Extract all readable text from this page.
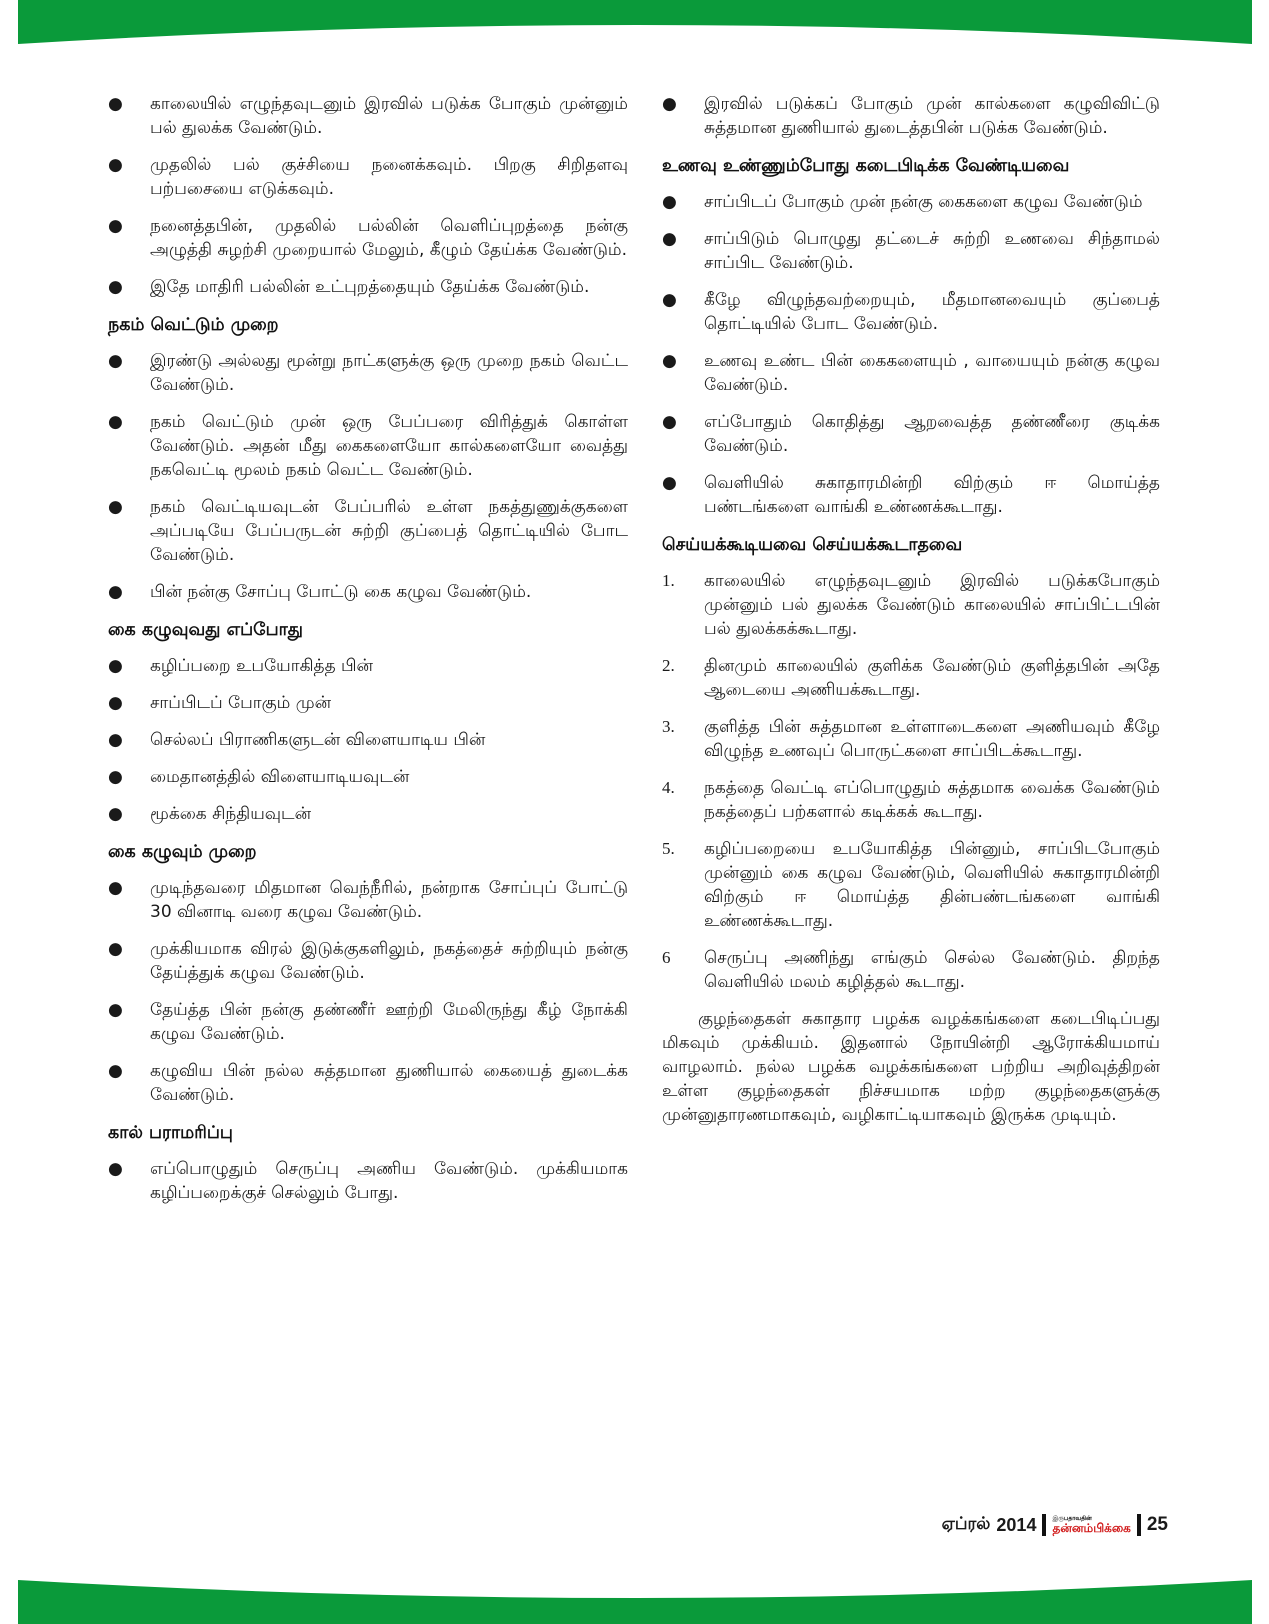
● காலையில் எழுந்தவுடனும் இரவில் படுக்க போகும் முன்னும் பல் துலக்க வேண்டும்.
● முதலில் பல் குச்சியை நனைக்கவும். பிறகு சிறிதளவு பற்பசையை எடுக்கவும்.
● நனைத்தபின், முதலில் பல்லின் வெளிப்புறத்தை நன்கு அழுத்தி சுழற்சி முறையால் மேலும், கீழும் தேய்க்க வேண்டும்.
● இதே மாதிரி பல்லின் உட்புறத்தையும் தேய்க்க வேண்டும்.
நகம் வெட்டும் முறை
● இரண்டு அல்லது மூன்று நாட்களுக்கு ஒரு முறை நகம் வெட்ட வேண்டும்.
● நகம் வெட்டும் முன் ஒரு பேப்பரை விரித்துக் கொள்ள வேண்டும். அதன் மீது கைகளையோ கால்களையோ வைத்து நகவெட்டி மூலம் நகம் வெட்ட வேண்டும்.
● நகம் வெட்டியவுடன் பேப்பரில் உள்ள நகத்துணுக்குகளை அப்படியே பேப்பருடன் சுற்றி குப்பைத் தொட்டியில் போட வேண்டும்.
● பின் நன்கு சோப்பு போட்டு கை கழுவ வேண்டும்.
கை கழுவுவது எப்போது
● கழிப்பறை உபயோகித்த பின்
● சாப்பிடப் போகும் முன்
● செல்லப் பிராணிகளுடன் விளையாடிய பின்
● மைதானத்தில் விளையாடியவுடன்
● மூக்கை சிந்தியவுடன்
கை கழுவும் முறை
● முடிந்தவரை மிதமான வெந்நீரில், நன்றாக சோப்புப் போட்டு 30 வினாடி வரை கழுவ வேண்டும்.
● முக்கியமாக விரல் இடுக்குகளிலும், நகத்தைச் சுற்றியும் நன்கு தேய்த்துக் கழுவ வேண்டும்.
● தேய்த்த பின் நன்கு தண்ணீர் ஊற்றி மேலிருந்து கீழ் நோக்கி கழுவ வேண்டும்.
● கழுவிய பின் நல்ல சுத்தமான துணியால் கையைத் துடைக்க வேண்டும்.
கால் பராமரிப்பு
● எப்பொழுதும் செருப்பு அணிய வேண்டும். முக்கியமாக கழிப்பறைக்குச் செல்லும் போது.
● இரவில் படுக்கப் போகும் முன் கால்களை கழுவிவிட்டு சுத்தமான துணியால் துடைத்தபின் படுக்க வேண்டும்.
உணவு உண்ணும்போது கடைபிடிக்க வேண்டியவை
● சாப்பிடப் போகும் முன் நன்கு கைகளை கழுவ வேண்டும்
● சாப்பிடும் பொழுது தட்டைச் சுற்றி உணவை சிந்தாமல் சாப்பிட வேண்டும்.
● கீழே விழுந்தவற்றையும், மீதமானவையும் குப்பைத் தொட்டியில் போட வேண்டும்.
● உணவு உண்ட பின் கைகளையும் , வாயையும் நன்கு கழுவ வேண்டும்.
● எப்போதும் கொதித்து ஆறவைத்த தண்ணீரை குடிக்க வேண்டும்.
● வெளியில் சுகாதாரமின்றி விற்கும் ஈ மொய்த்த பண்டங்களை வாங்கி உண்ணக்கூடாது.
செய்யக்கூடியவை செய்யக்கூடாதவை
1. காலையில் எழுந்தவுடனும் இரவில் படுக்கபோகும் முன்னும் பல் துலக்க வேண்டும் காலையில் சாப்பிட்டபின் பல் துலக்கக்கூடாது.
2. தினமும் காலையில் குளிக்க வேண்டும் குளித்தபின் அதே ஆடையை அணியக்கூடாது.
3. குளித்த பின் சுத்தமான உள்ளாடைகளை அணியவும் கீழே விழுந்த உணவுப் பொருட்களை சாப்பிடக்கூடாது.
4. நகத்தை வெட்டி எப்பொழுதும் சுத்தமாக வைக்க வேண்டும் நகத்தைப் பற்களால் கடிக்கக் கூடாது.
5. கழிப்பறையை உபயோகித்த பின்னும், சாப்பிடபோகும் முன்னும் கை கழுவ வேண்டும், வெளியில் சுகாதாரமின்றி விற்கும் ஈ மொய்த்த தின்பண்டங்களை வாங்கி உண்ணக்கூடாது.
6 செருப்பு அணிந்து எங்கும் செல்ல வேண்டும். திறந்த வெளியில் மலம் கழித்தல் கூடாது.

குழந்தைகள் சுகாதார பழக்க வழக்கங்களை கடைபிடிப்பது மிகவும் முக்கியம். இதனால் நோயின்றி ஆரோக்கியமாய் வாழலாம். நல்ல பழக்க வழக்கங்களை பற்றிய அறிவுத்திறன் உள்ள குழந்தைகள் நிச்சயமாக மற்ற குழந்தைகளுக்கு முன்னுதாரணமாகவும், வழிகாட்டியாகவும் இருக்க முடியும்.

ஏப்ரல் 2014	இருபதாவதின்
தன்னம்பிக்கை 25
